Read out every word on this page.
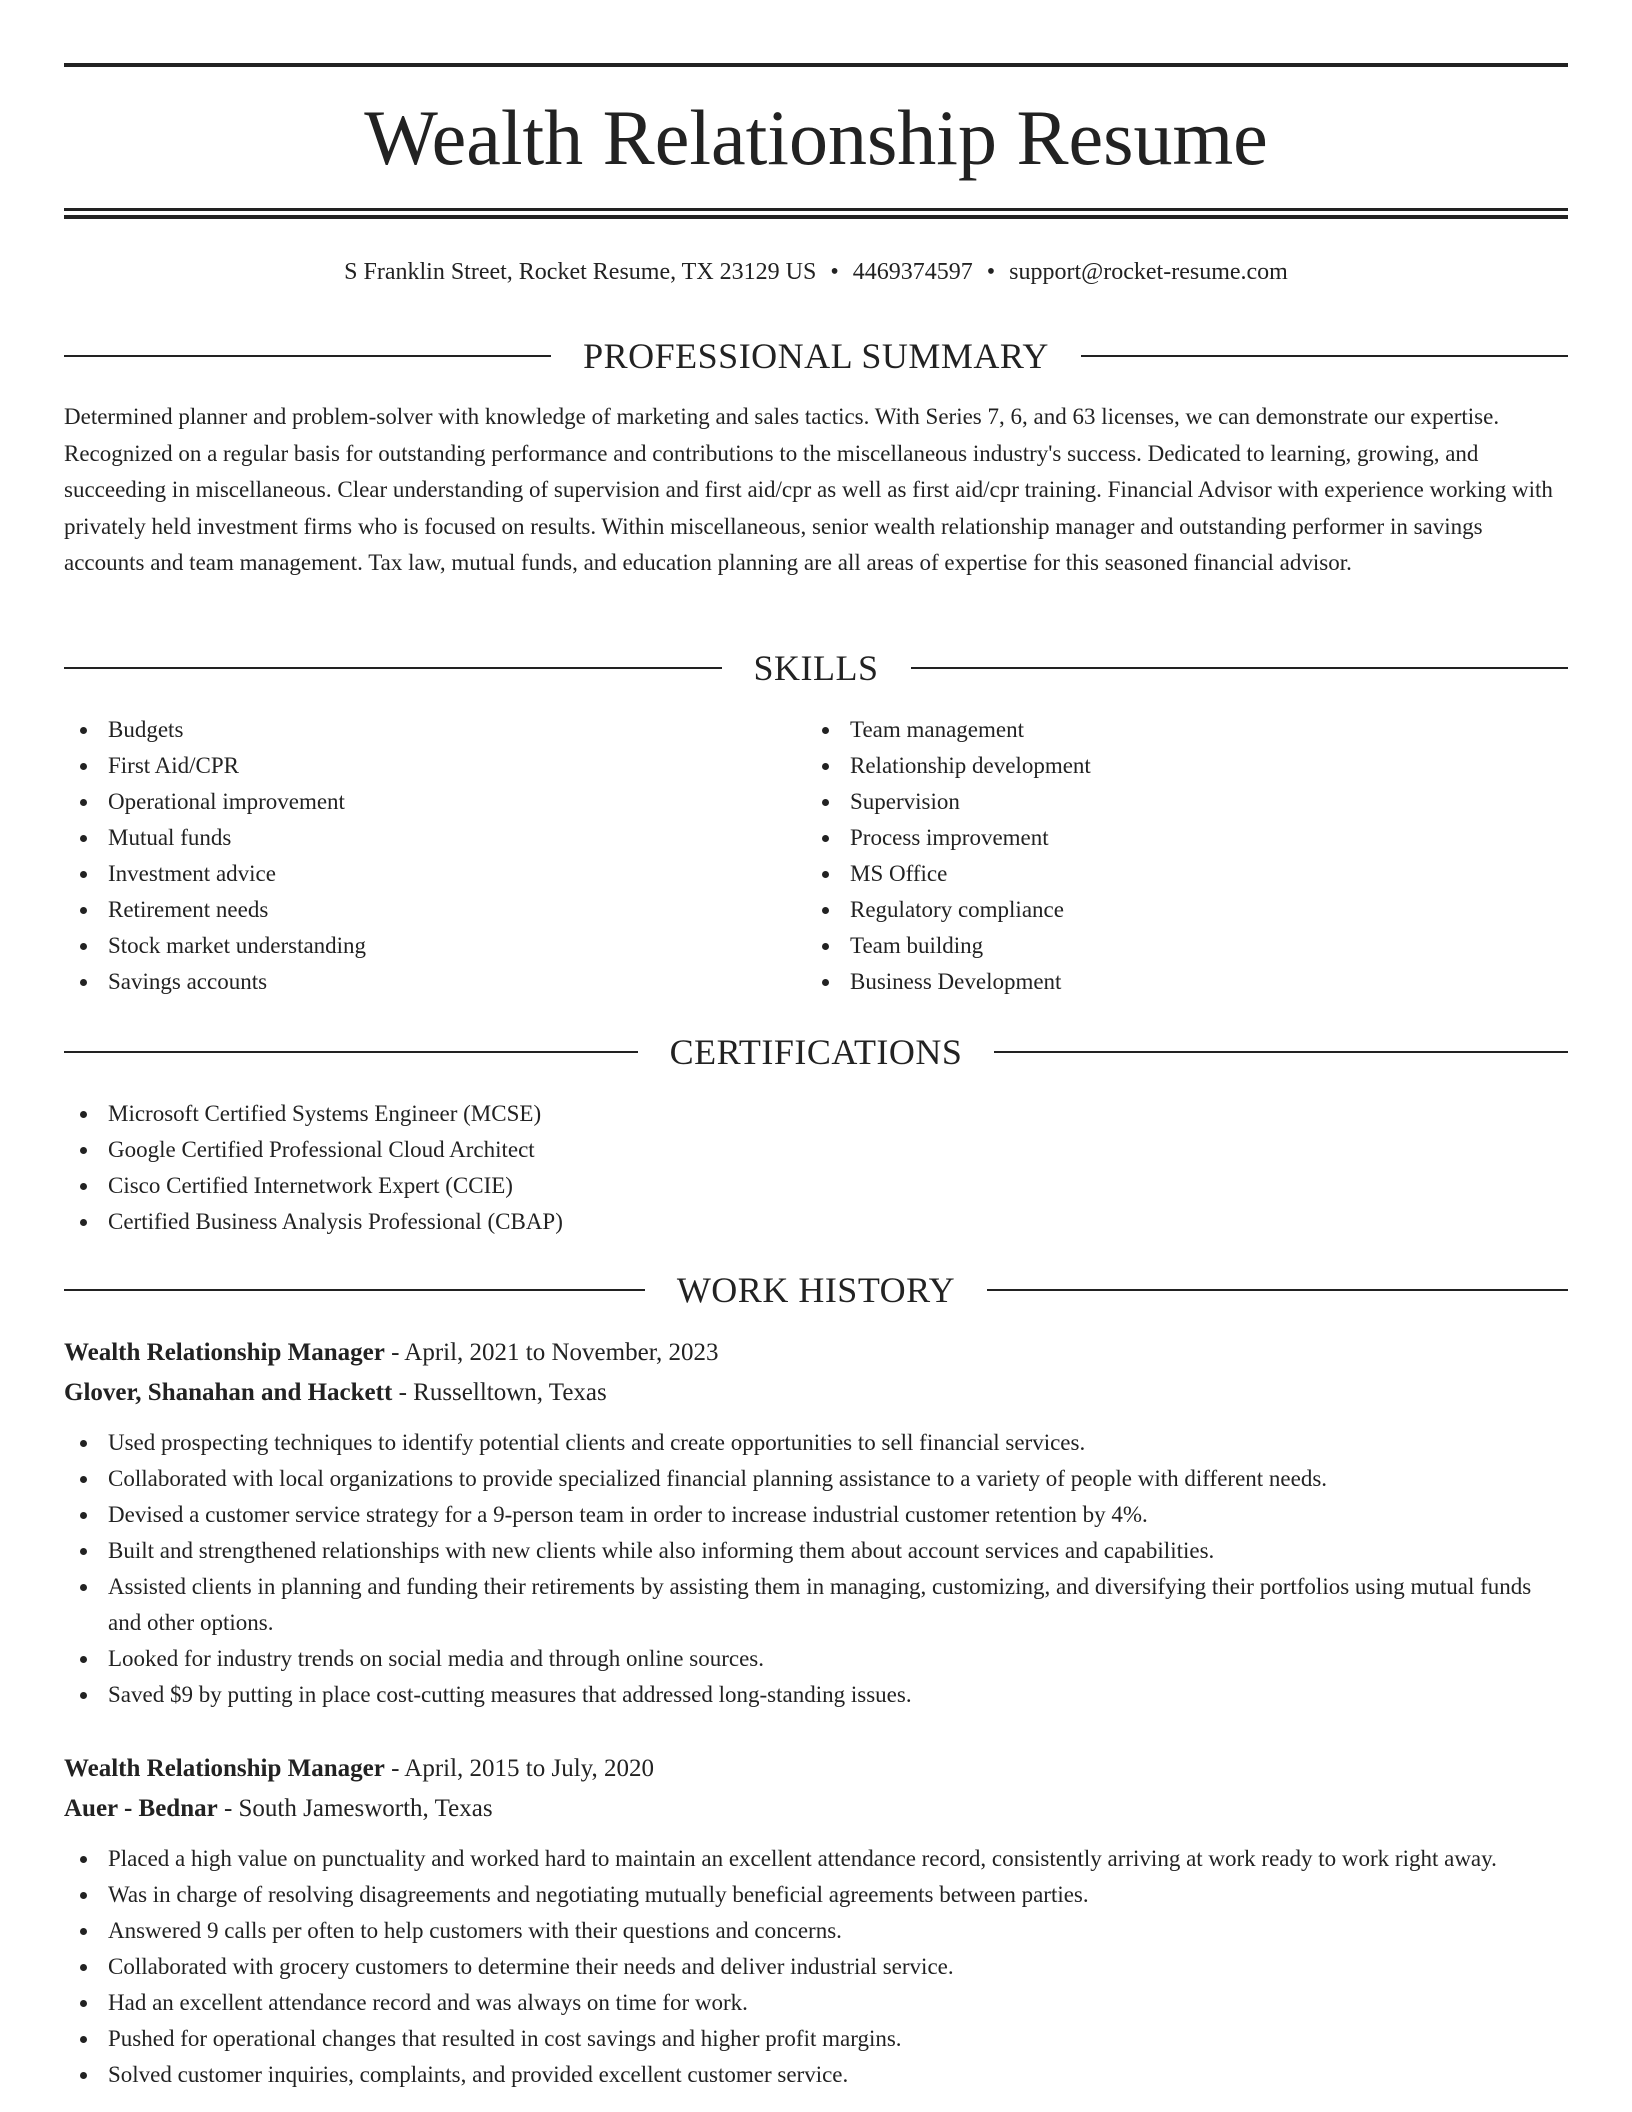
Wealth Relationship Resume
S Franklin Street, Rocket Resume, TX 23129 US • 4469374597 • support@rocket-resume.com
PROFESSIONAL SUMMARY

Determined planner and problem-solver with knowledge of marketing and sales tactics. With Series 7, 6, and 63 licenses, we can demonstrate our expertise. Recognized on a regular basis for outstanding performance and contributions to the miscellaneous industry's success. Dedicated to learning, growing, and succeeding in miscellaneous. Clear understanding of supervision and first aid/cpr as well as first aid/cpr training. Financial Advisor with experience working with privately held investment firms who is focused on results. Within miscellaneous, senior wealth relationship manager and outstanding performer in savings accounts and team management. Tax law, mutual funds, and education planning are all areas of expertise for this seasoned financial advisor.

SKILLS
Budgets
First Aid/CPR
Operational improvement
Mutual funds
Investment advice
Retirement needs
Stock market understanding
Savings accounts
Team management
Relationship development
Supervision
Process improvement
MS Office
Regulatory compliance
Team building
Business Development
CERTIFICATIONS
Microsoft Certified Systems Engineer (MCSE)
Google Certified Professional Cloud Architect
Cisco Certified Internetwork Expert (CCIE)
Certified Business Analysis Professional (CBAP)
WORK HISTORY
Wealth Relationship Manager - April, 2021 to November, 2023
Glover, Shanahan and Hackett - Russelltown, Texas
Used prospecting techniques to identify potential clients and create opportunities to sell financial services.
Collaborated with local organizations to provide specialized financial planning assistance to a variety of people with different needs.
Devised a customer service strategy for a 9-person team in order to increase industrial customer retention by 4%.
Built and strengthened relationships with new clients while also informing them about account services and capabilities.
Assisted clients in planning and funding their retirements by assisting them in managing, customizing, and diversifying their portfolios using mutual funds and other options.
Looked for industry trends on social media and through online sources.
Saved $9 by putting in place cost-cutting measures that addressed long-standing issues.
Wealth Relationship Manager - April, 2015 to July, 2020
Auer - Bednar - South Jamesworth, Texas
Placed a high value on punctuality and worked hard to maintain an excellent attendance record, consistently arriving at work ready to work right away.
Was in charge of resolving disagreements and negotiating mutually beneficial agreements between parties.
Answered 9 calls per often to help customers with their questions and concerns.
Collaborated with grocery customers to determine their needs and deliver industrial service.
Had an excellent attendance record and was always on time for work.
Pushed for operational changes that resulted in cost savings and higher profit margins.
Solved customer inquiries, complaints, and provided excellent customer service.
